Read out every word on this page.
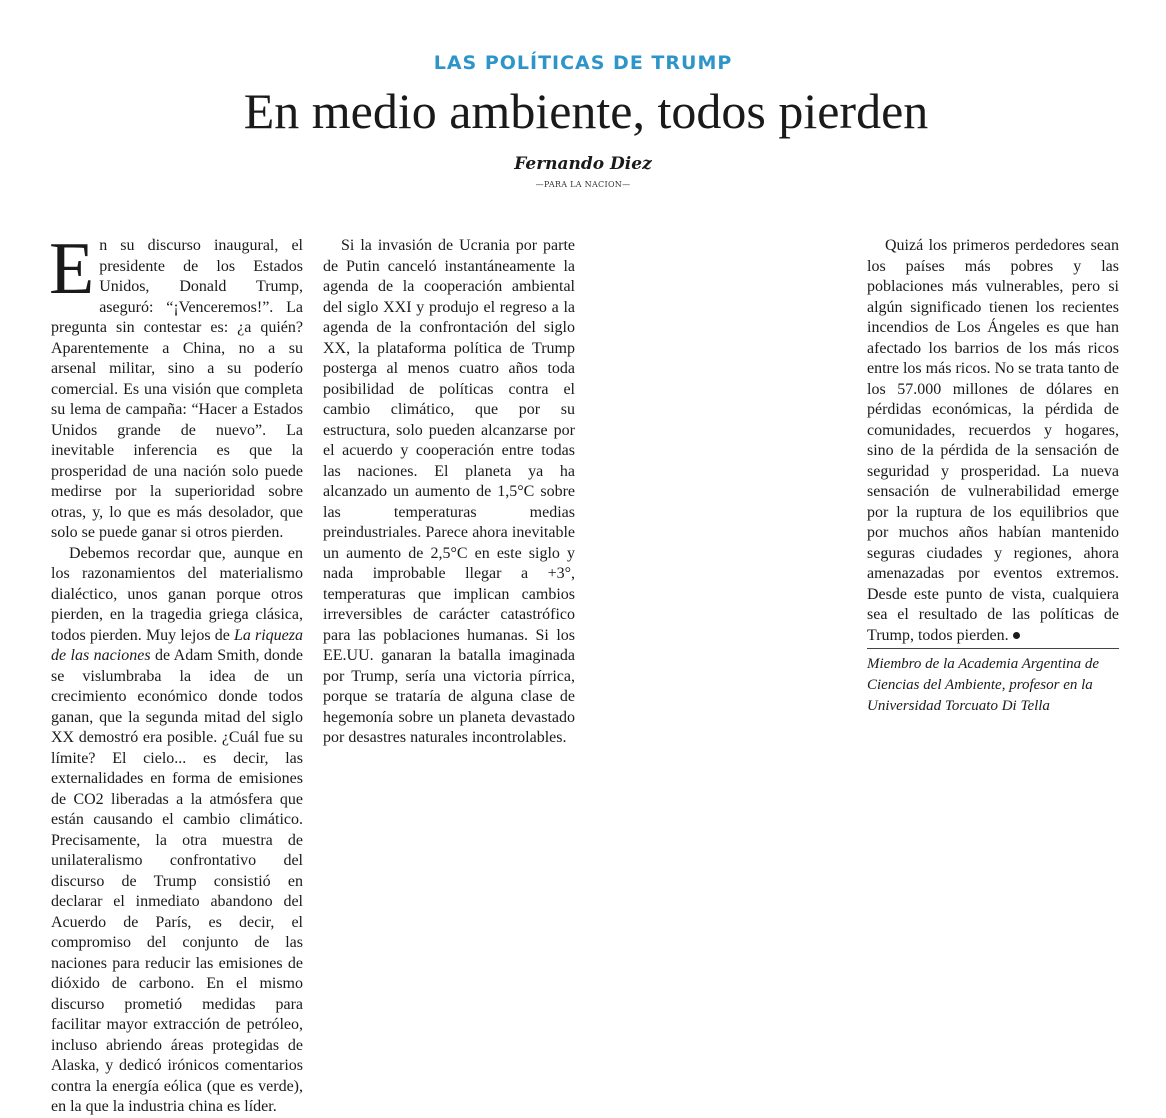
LAS POLÍTICAS DE TRUMP
En medio ambiente, todos pierden
Fernando Diez
—PARA LA NACION—

En su discurso inaugural, el presidente de los Estados Unidos, Donald Trump, aseguró: “¡Venceremos!”. La pregunta sin contestar es: ¿a quién? Aparentemente a China, no a su arsenal militar, sino a su poderío comercial. Es una visión que completa su lema de campaña: “Hacer a Estados Unidos grande de nuevo”. La inevitable inferencia es que la prosperidad de una nación solo puede medirse por la superioridad sobre otras, y, lo que es más desolador, que solo se puede ganar si otros pierden.

Debemos recordar que, aunque en los razonamientos del materialismo dialéctico, unos ganan porque otros pierden, en la tragedia griega clásica, todos pierden. Muy lejos de La riqueza de las naciones de Adam Smith, donde se vislumbraba la idea de un crecimiento económico donde todos ganan, que la segunda mitad del siglo XX demostró era posible. ¿Cuál fue su límite? El cielo... es decir, las externalidades en forma de emisiones de CO2 liberadas a la atmósfera que están causando el cambio climático. Precisamente, la otra muestra de unilateralismo confrontativo del discurso de Trump consistió en declarar el inmediato abandono del Acuerdo de París, es decir, el compromiso del conjunto de las naciones para reducir las emisiones de dióxido de carbono. En el mismo discurso prometió medidas para facilitar mayor extracción de petróleo, incluso abriendo áreas protegidas de Alaska, y dedicó irónicos comentarios contra la energía eólica (que es verde), en la que la industria china es líder.

Si la invasión de Ucrania por parte de Putin canceló instantáneamente la agenda de la cooperación ambiental del siglo XXI y produjo el regreso a la agenda de la confrontación del siglo XX, la plataforma política de Trump posterga al menos cuatro años toda posibilidad de políticas contra el cambio climático, que por su estructura, solo pueden alcanzarse por el acuerdo y cooperación entre todas las naciones. El planeta ya ha alcanzado un aumento de 1,5°C sobre las temperaturas medias preindustriales. Parece ahora inevitable un aumento de 2,5°C en este siglo y nada improbable llegar a +3°, temperaturas que implican cambios irreversibles de carácter catastrófico para las poblaciones humanas. Si los EE.UU. ganaran la batalla imaginada por Trump, sería una victoria pírrica, porque se trataría de alguna clase de hegemonía sobre un planeta devastado por desastres naturales incontrolables.

Quizá los primeros perdedores sean los países más pobres y las poblaciones más vulnerables, pero si algún significado tienen los recientes incendios de Los Ángeles es que han afectado los barrios de los más ricos entre los más ricos. No se trata tanto de los 57.000 millones de dólares en pérdidas económicas, la pérdida de comunidades, recuerdos y hogares, sino de la pérdida de la sensación de seguridad y prosperidad. La nueva sensación de vulnerabilidad emerge por la ruptura de los equilibrios que por muchos años habían mantenido seguras ciudades y regiones, ahora amenazadas por eventos extremos. Desde este punto de vista, cualquiera sea el resultado de las políticas de Trump, todos pierden.

Miembro de la Academia Argentina de Ciencias del Ambiente, profesor en la Universidad Torcuato Di Tella
